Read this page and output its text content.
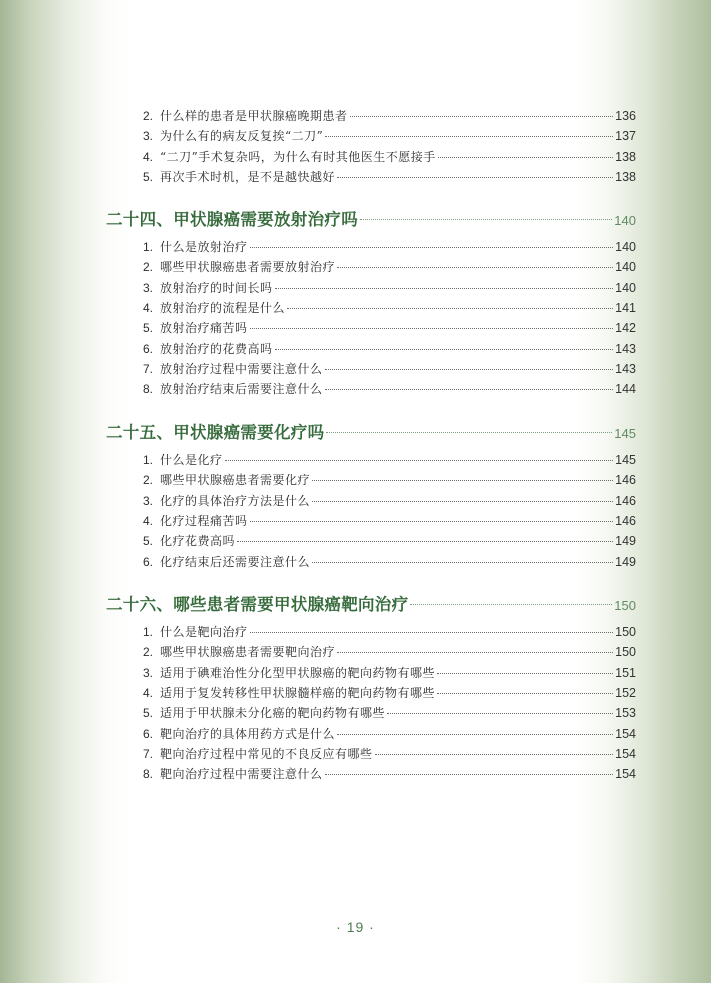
2. 什么样的患者是甲状腺癌晚期患者	136
3. 为什么有的病友反复挨“二刀”	137
4. “二刀”手术复杂吗，为什么有时其他医生不愿接手	138
5. 再次手术时机，是不是越快越好	138
二十四、甲状腺癌需要放射治疗吗	140
1. 什么是放射治疗	140
2. 哪些甲状腺癌患者需要放射治疗	140
3. 放射治疗的时间长吗	140
4. 放射治疗的流程是什么	141
5. 放射治疗痛苦吗	142
6. 放射治疗的花费高吗	143
7. 放射治疗过程中需要注意什么	143
8. 放射治疗结束后需要注意什么	144
二十五、甲状腺癌需要化疗吗	145
1. 什么是化疗	145
2. 哪些甲状腺癌患者需要化疗	146
3. 化疗的具体治疗方法是什么	146
4. 化疗过程痛苦吗	146
5. 化疗花费高吗	149
6. 化疗结束后还需要注意什么	149
二十六、哪些患者需要甲状腺癌靶向治疗	150
1. 什么是靶向治疗	150
2. 哪些甲状腺癌患者需要靶向治疗	150
3. 适用于碘难治性分化型甲状腺癌的靶向药物有哪些	151
4. 适用于复发转移性甲状腺髓样癌的靶向药物有哪些	152
5. 适用于甲状腺未分化癌的靶向药物有哪些	153
6. 靶向治疗的具体用药方式是什么	154
7. 靶向治疗过程中常见的不良反应有哪些	154
8. 靶向治疗过程中需要注意什么	154
· 19 ·
